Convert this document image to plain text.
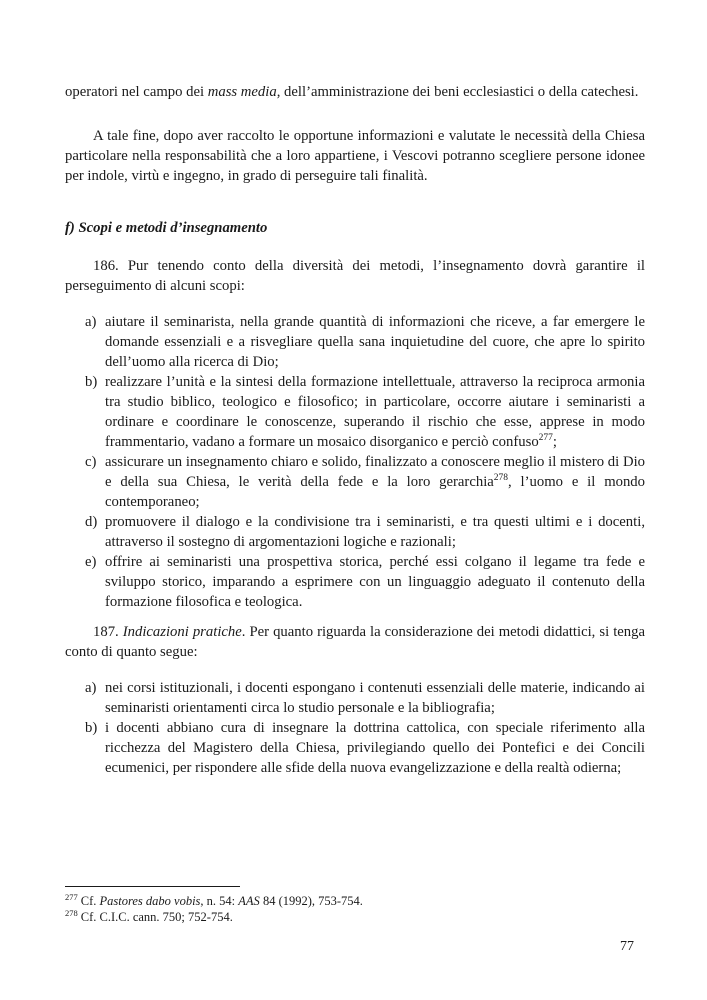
operatori nel campo dei mass media, dell’amministrazione dei beni ecclesiastici o della catechesi.

A tale fine, dopo aver raccolto le opportune informazioni e valutate le necessità della Chiesa particolare nella responsabilità che a loro appartiene, i Vescovi potranno scegliere persone idonee per indole, virtù e ingegno, in grado di perseguire tali finalità.

f) Scopi e metodi d’insegnamento

186. Pur tenendo conto della diversità dei metodi, l’insegnamento dovrà garantire il perseguimento di alcuni scopi:

a) aiutare il seminarista, nella grande quantità di informazioni che riceve, a far emergere le domande essenziali e a risvegliare quella sana inquietudine del cuore, che apre lo spirito dell’uomo alla ricerca di Dio;
b) realizzare l’unità e la sintesi della formazione intellettuale, attraverso la reciproca armonia tra studio biblico, teologico e filosofico; in particolare, occorre aiutare i seminaristi a ordinare e coordinare le conoscenze, superando il rischio che esse, apprese in modo frammentario, vadano a formare un mosaico disorganico e perciò confuso$^{277}$;
c) assicurare un insegnamento chiaro e solido, finalizzato a conoscere meglio il mistero di Dio e della sua Chiesa, le verità della fede e la loro gerarchia$^{278}$, l’uomo e il mondo contemporaneo;
d) promuovere il dialogo e la condivisione tra i seminaristi, e tra questi ultimi e i docenti, attraverso il sostegno di argomentazioni logiche e razionali;
e) offrire ai seminaristi una prospettiva storica, perché essi colgano il legame tra fede e sviluppo storico, imparando a esprimere con un linguaggio adeguato il contenuto della formazione filosofica e teologica.

187. Indicazioni pratiche. Per quanto riguarda la considerazione dei metodi didattici, si tenga conto di quanto segue:

a) nei corsi istituzionali, i docenti espongano i contenuti essenziali delle materie, indicando ai seminaristi orientamenti circa lo studio personale e la bibliografia;
b) i docenti abbiano cura di insegnare la dottrina cattolica, con speciale riferimento alla ricchezza del Magistero della Chiesa, privilegiando quello dei Pontefici e dei Concili ecumenici, per rispondere alle sfide della nuova evangelizzazione e della realtà odierna;
$^{277}$ Cf. Pastores dabo vobis, n. 54: AAS 84 (1992), 753-754.
$^{278}$ Cf. C.I.C. cann. 750; 752-754.
77
